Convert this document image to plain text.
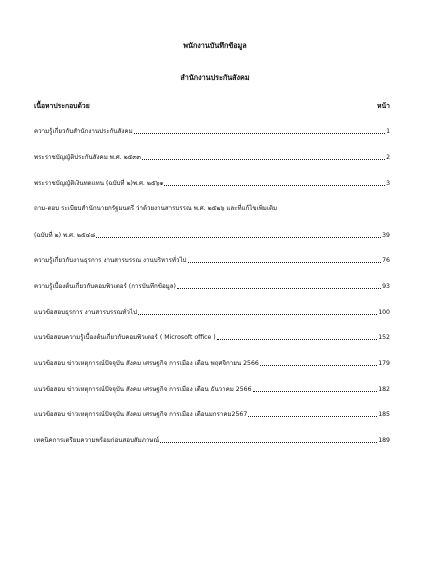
พนักงานบันทึกข้อมูล
สำนักงานประกันสังคม
เนื้อหาประกอบด้วย	หน้า
ความรู้เกี่ยวกับสำนักงานประกันสังคม	1
พระราชบัญญัติประกันสังคม พ.ศ. ๒๕๓๓	2
พระราชบัญญัติเงินทดแทน (ฉบับที่ ๒)พ.ศ. ๒๕๖๑	3
ถาม-ตอบ ระเบียบสำนักนายกรัฐมนตรี ว่าด้วยงานสารบรรณ พ.ศ. ๒๕๒๖ และที่แก้ไขเพิ่มเติม
(ฉบับที่ ๒) พ.ศ. ๒๕๔๘	39
ความรู้เกี่ยวกับงานธุรการ งานสารบรรณ งานบริหารทั่วไป	76
ความรู้เบื้องต้นเกี่ยวกับคอมพิวเตอร์ (การบันทึกข้อมูล)	93
แนวข้อสอบธุรการ งานสารบรรณทั่วไป	100
แนวข้อสอบความรู้เบื้องต้นเกี่ยวกับคอมพิวเตอร์ ( Microsoft office )	152
แนวข้อสอบ ข่าวเหตุการณ์ปัจจุบัน สังคม เศรษฐกิจ การเมือง เดือน พฤศจิกายน 2566	179
แนวข้อสอบ ข่าวเหตุการณ์ปัจจุบัน สังคม เศรษฐกิจ การเมือง เดือน ธันวาคม 2566	182
แนวข้อสอบ ข่าวเหตุการณ์ปัจจุบัน สังคม เศรษฐกิจ การเมือง เดือนมกราคม2567	185
เทคนิคการเตรียมความพร้อมก่อนสอบสัมภาษณ์	189
